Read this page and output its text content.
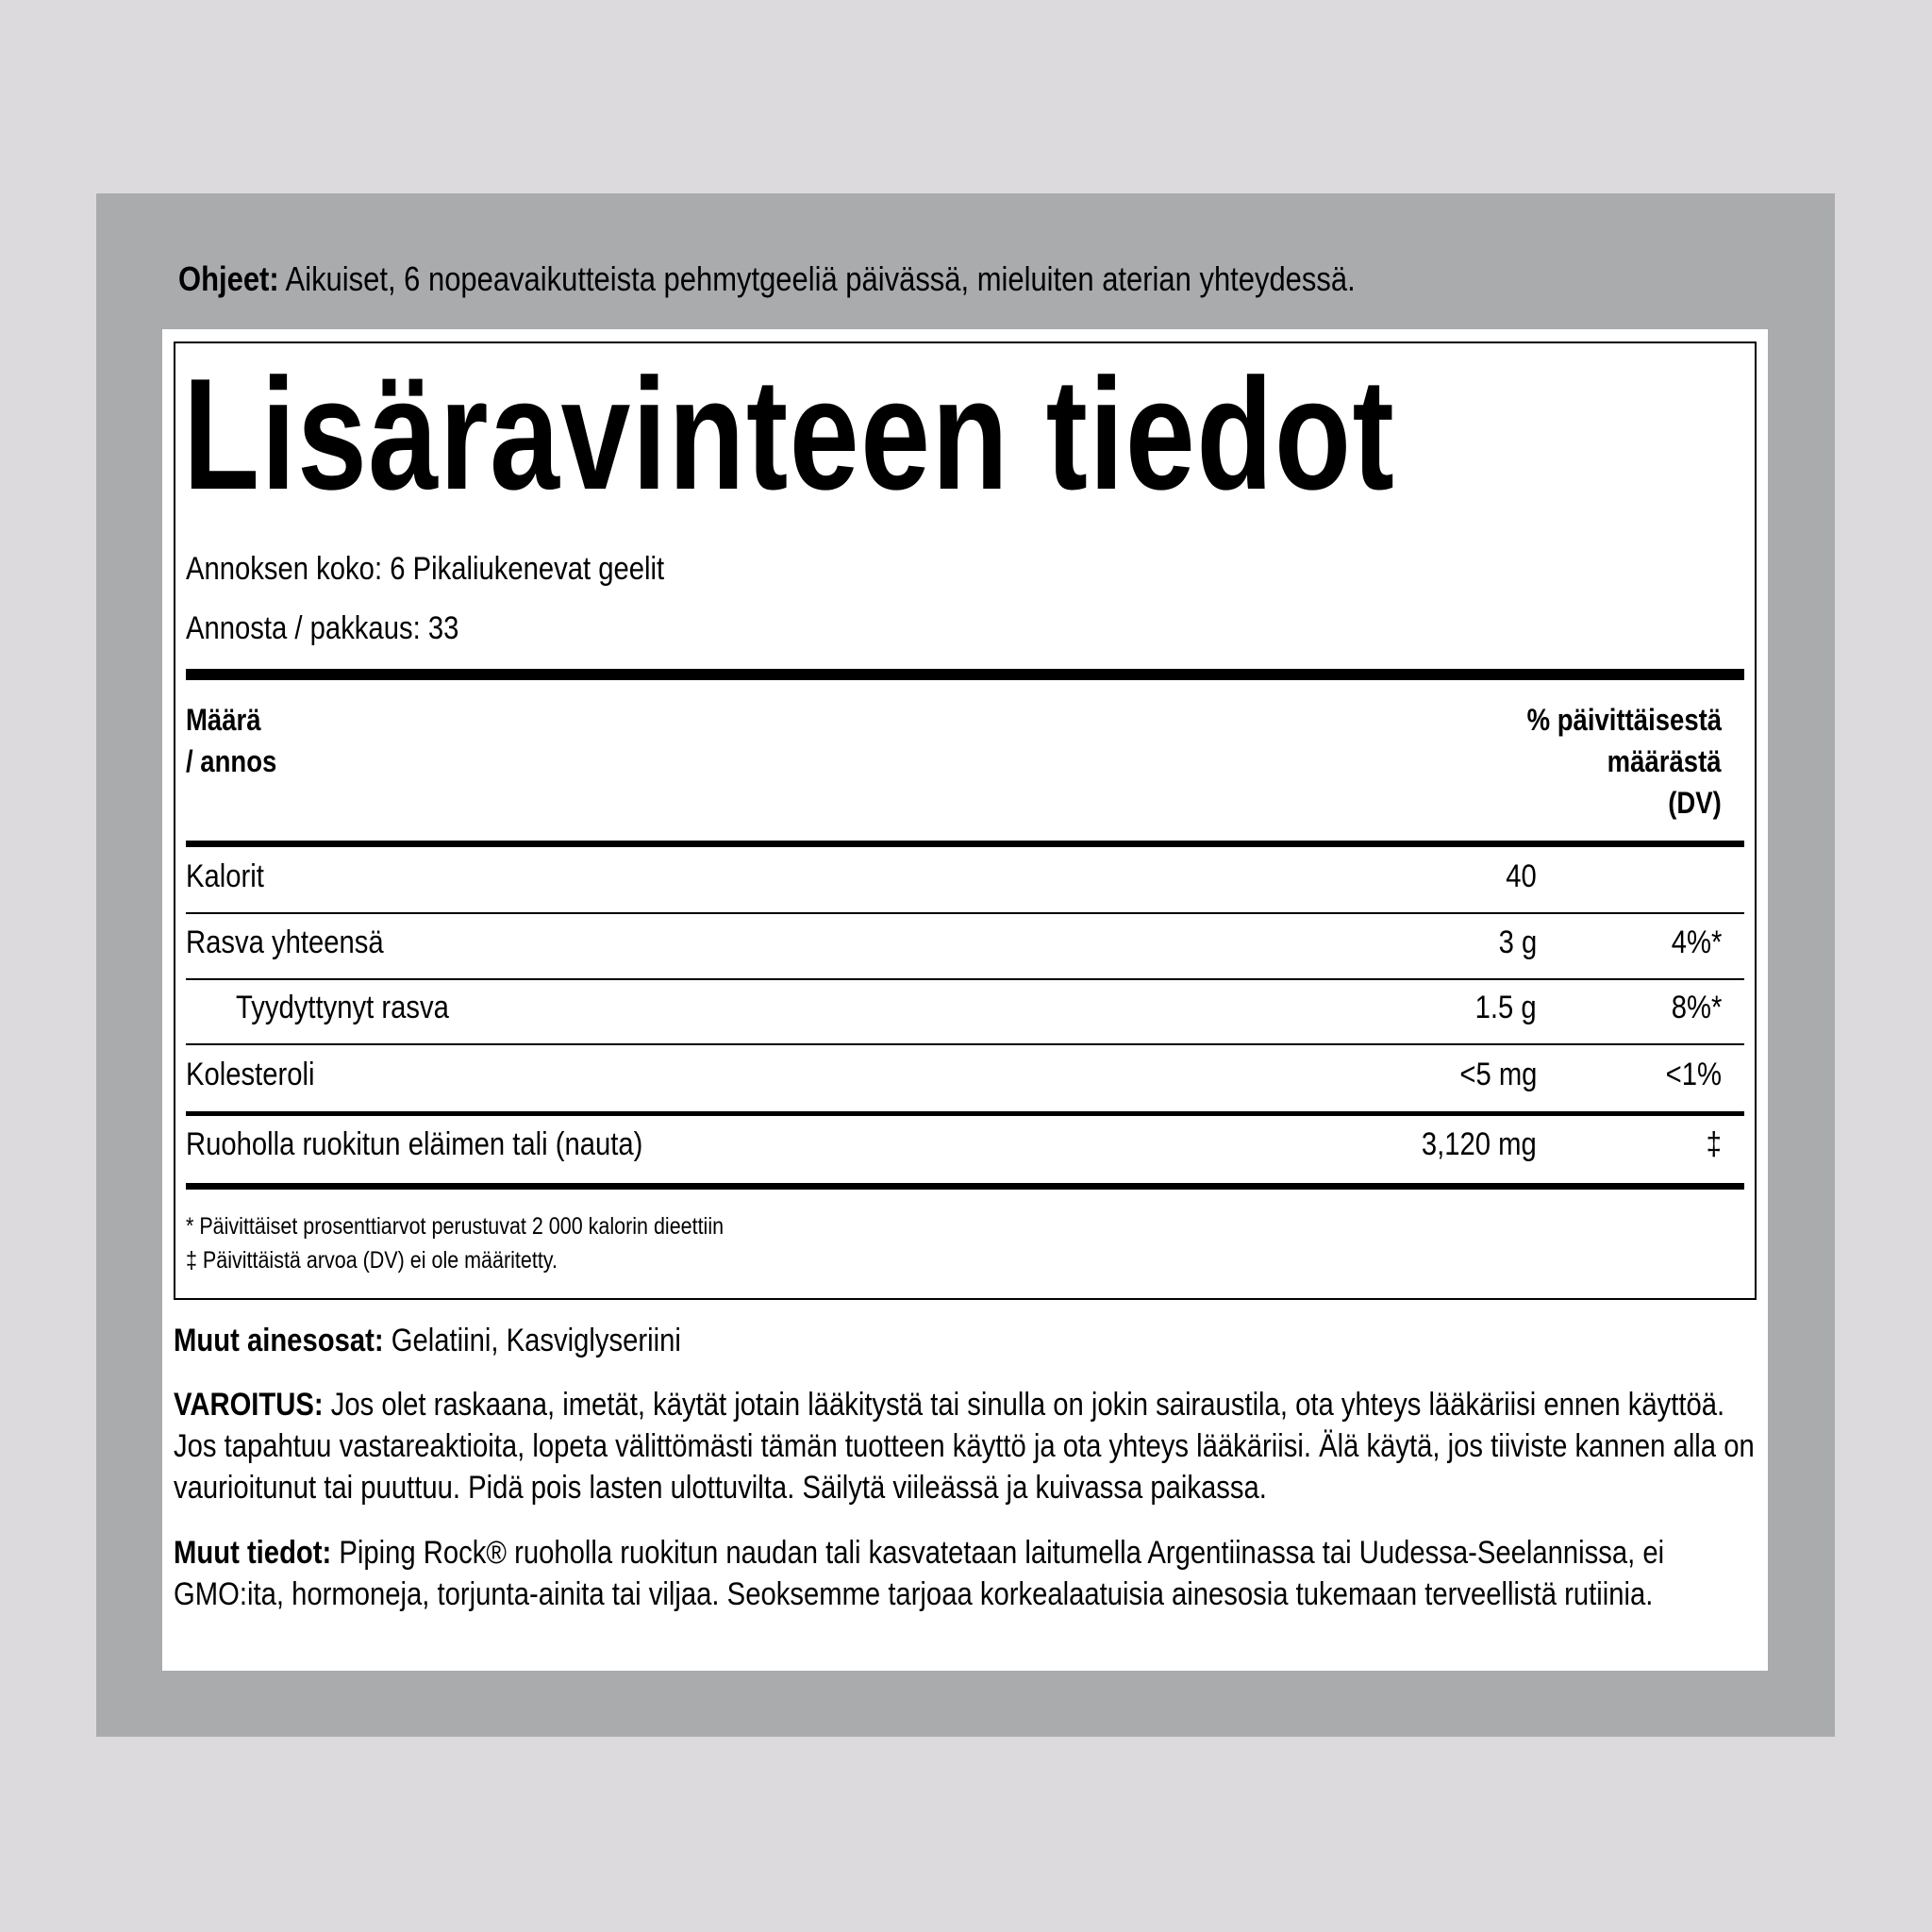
Ohjeet: Aikuiset, 6 nopeavaikutteista pehmytgeeliä päivässä, mieluiten aterian yhteydessä.
Lisäravinteen tiedot
Annoksen koko: 6 Pikaliukenevat geelit
Annosta / pakkaus: 33
Määrä
/ annos
% päivittäisestä
määrästä
(DV)
Kalorit	40
Rasva yhteensä	3 g	4%*
Tyydyttynyt rasva	1.5 g	8%*
Kolesteroli	<5 mg	<1%
Ruoholla ruokitun eläimen tali (nauta)	3,120 mg	‡
* Päivittäiset prosenttiarvot perustuvat 2 000 kalorin dieettiin
‡ Päivittäistä arvoa (DV) ei ole määritetty.
Muut ainesosat: Gelatiini, Kasviglyseriini
VAROITUS: Jos olet raskaana, imetät, käytät jotain lääkitystä tai sinulla on jokin sairaustila, ota yhteys lääkäriisi ennen käyttöä. Jos tapahtuu vastareaktioita, lopeta välittömästi tämän tuotteen käyttö ja ota yhteys lääkäriisi. Älä käytä, jos tiiviste kannen alla on vaurioitunut tai puuttuu. Pidä pois lasten ulottuvilta. Säilytä viileässä ja kuivassa paikassa.
Muut tiedot: Piping Rock® ruoholla ruokitun naudan tali kasvatetaan laitumella Argentiinassa tai Uudessa-Seelannissa, ei GMO:ita, hormoneja, torjunta-ainita tai viljaa. Seoksemme tarjoaa korkealaatuisia ainesosia tukemaan terveellistä rutiinia.
